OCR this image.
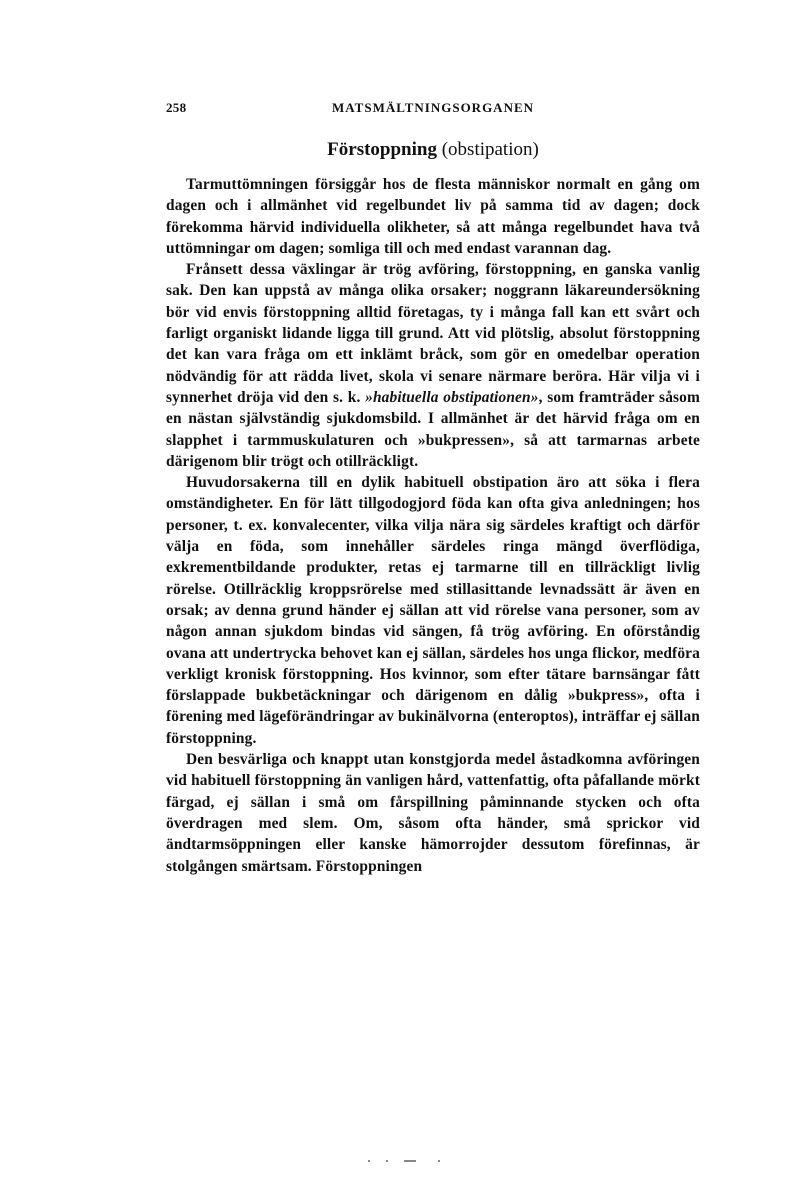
258	MATSMÄLTNINGSORGANEN
Förstoppning (obstipation)

Tarmuttömningen försiggår hos de flesta människor normalt en gång om dagen och i allmänhet vid regelbundet liv på samma tid av dagen; dock förekomma härvid individuella olikheter, så att många regelbundet hava två uttömningar om dagen; somliga till och med endast varannan dag.

Frånsett dessa växlingar är trög avföring, förstoppning, en ganska vanlig sak. Den kan uppstå av många olika orsaker; noggrann läkareundersökning bör vid envis förstoppning alltid företagas, ty i många fall kan ett svårt och farligt organiskt lidande ligga till grund. Att vid plötslig, absolut förstoppning det kan vara fråga om ett inklämt bråck, som gör en omedelbar operation nödvändig för att rädda livet, skola vi senare närmare beröra. Här vilja vi i synnerhet dröja vid den s. k. »habituella obstipationen», som framträder såsom en nästan självständig sjukdomsbild. I allmänhet är det härvid fråga om en slapphet i tarmmuskulaturen och »bukpressen», så att tarmarnas arbete därigenom blir trögt och otillräckligt.

Huvudorsakerna till en dylik habituell obstipation äro att söka i flera omständigheter. En för lätt tillgodogjord föda kan ofta giva anledningen; hos personer, t. ex. konvalecenter, vilka vilja nära sig särdeles kraftigt och därför välja en föda, som innehåller särdeles ringa mängd överflödiga, exkrementbildande produkter, retas ej tarmarne till en tillräckligt livlig rörelse. Otillräcklig kroppsrörelse med stillasittande levnadssätt är även en orsak; av denna grund händer ej sällan att vid rörelse vana personer, som av någon annan sjukdom bindas vid sängen, få trög avföring. En oförståndig ovana att undertrycka behovet kan ej sällan, särdeles hos unga flickor, medföra verkligt kronisk förstoppning. Hos kvinnor, som efter tätare barnsängar fått förslappade bukbetäckningar och därigenom en dålig »bukpress», ofta i förening med lägeförändringar av bukinälvorna (enteroptos), inträffar ej sällan förstoppning.

Den besvärliga och knappt utan konstgjorda medel åstadkomna avföringen vid habituell förstoppning än vanligen hård, vattenfattig, ofta påfallande mörkt färgad, ej sällan i små om fårspillning påminnande stycken och ofta överdragen med slem. Om, såsom ofta händer, små sprickor vid ändtarmsöppningen eller kanske hämorrojder dessutom förefinnas, är stolgången smärtsam. Förstoppningen
